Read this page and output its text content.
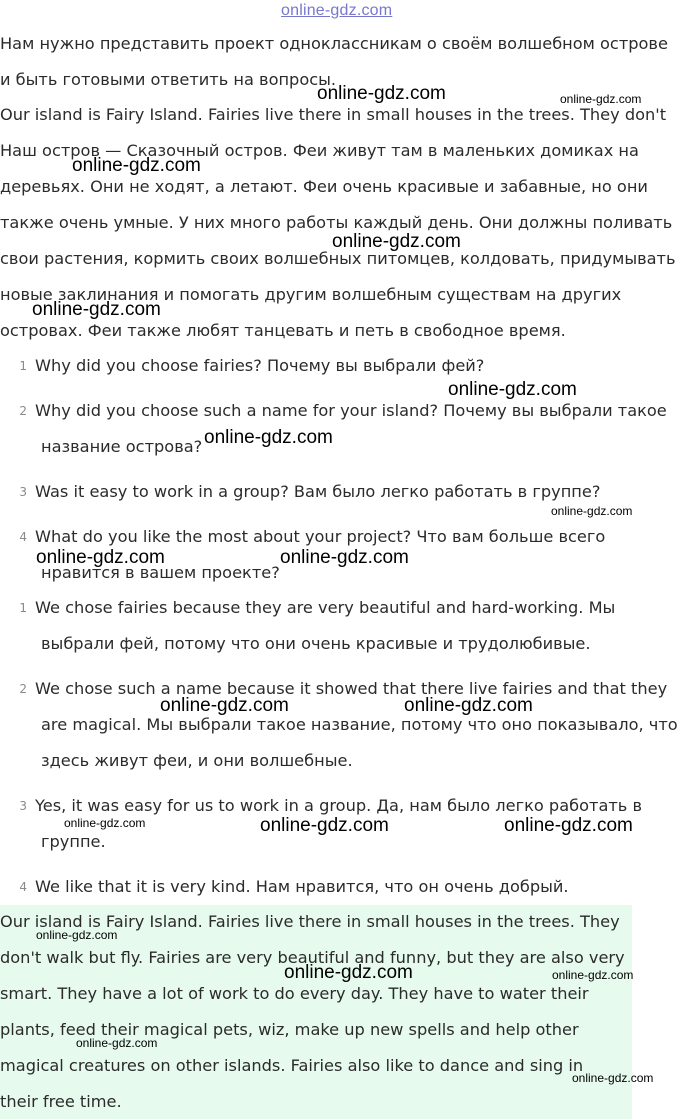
online-gdz.com

Нам нужно представить проект одноклассникам о своём волшебном острове

и быть готовыми ответить на вопросы.

Our island is Fairy Island. Fairies live there in small houses in the trees. They don't

Наш остров — Сказочный остров. Феи живут там в маленьких домиках на

деревьях. Они не ходят, а летают. Феи очень красивые и забавные, но они

также очень умные. У них много работы каждый день. Они должны поливать

свои растения, кормить своих волшебных питомцев, колдовать, придумывать

новые заклинания и помогать другим волшебным существам на других

островах. Феи также любят танцевать и петь в свободное время.

1 Why did you choose fairies? Почему вы выбрали фей?
2 Why did you choose such a name for your island? Почему вы выбрали такое
название острова?
3 Was it easy to work in a group? Вам было легко работать в группе?
4 What do you like the most about your project? Что вам больше всего
нравится в вашем проекте?
1 We chose fairies because they are very beautiful and hard-working. Мы
выбрали фей, потому что они очень красивые и трудолюбивые.
2 We chose such a name because it showed that there live fairies and that they
are magical. Мы выбрали такое название, потому что оно показывало, что
здесь живут феи, и они волшебные.
3 Yes, it was easy for us to work in a group. Да, нам было легко работать в
группе.
4 We like that it is very kind. Нам нравится, что он очень добрый.

Our island is Fairy Island. Fairies live there in small houses in the trees. They

don't walk but fly. Fairies are very beautiful and funny, but they are also very

smart. They have a lot of work to do every day. They have to water their

plants, feed their magical pets, wiz, make up new spells and help other

magical creatures on other islands. Fairies also like to dance and sing in

their free time.

online-gdz.com	online-gdz.com
online-gdz.com
online-gdz.com
online-gdz.com
online-gdz.com
online-gdz.com
online-gdz.com
online-gdz.com	online-gdz.com
online-gdz.com	online-gdz.com
online-gdz.com	online-gdz.com	online-gdz.com
online-gdz.com
online-gdz.com	online-gdz.com
online-gdz.com
online-gdz.com
